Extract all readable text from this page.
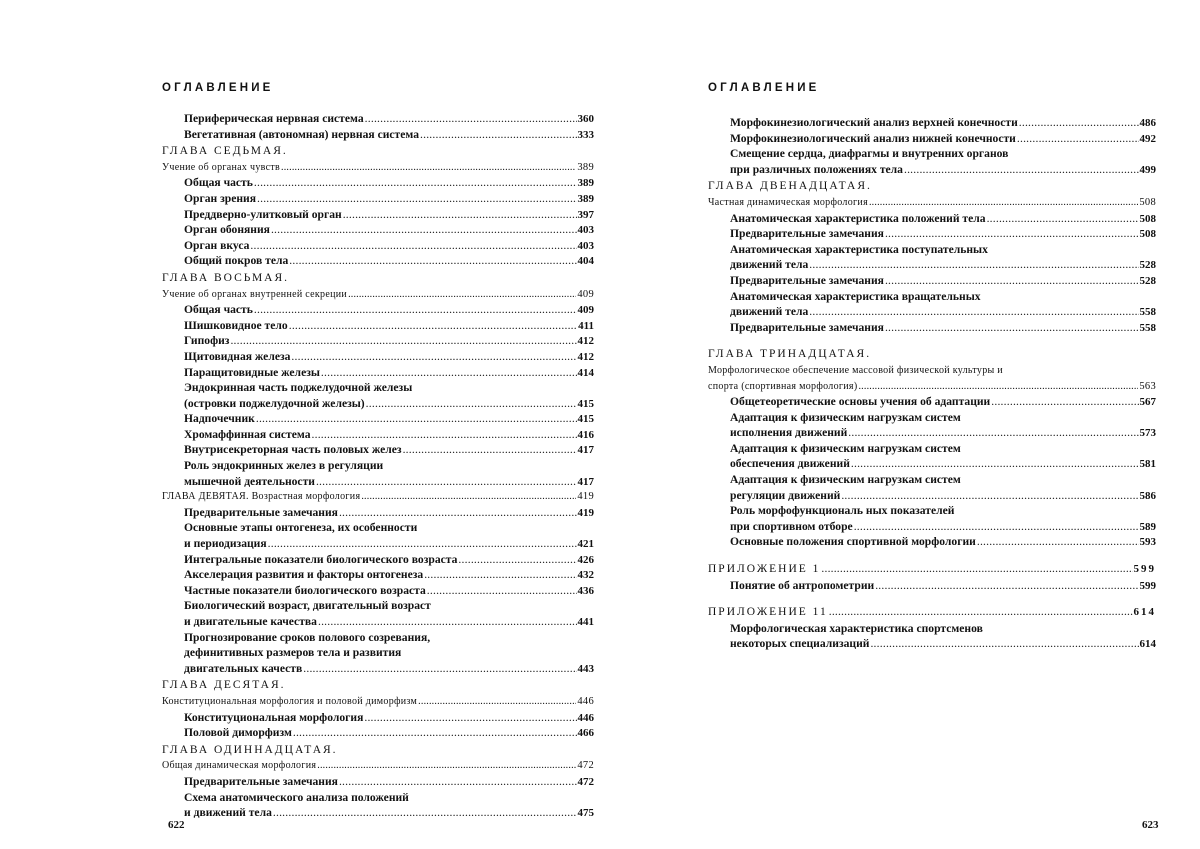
ОГЛАВЛЕНИЕ
Периферическая нервная система .....	360
Вегетативная (автономная) нервная система .....	333
ГЛАВА СЕДЬМАЯ.
Учение об органах чувств .....	389
Общая часть .....	389
Орган зрения .....	389
Преддверно-улитковый орган .....	397
Орган обоняния .....	403
Орган вкуса .....	403
Общий покров тела .....	404
ГЛАВА ВОСЬМАЯ.
Учение об органах внутренней секреции .....	409
Общая часть .....	409
Шишковидное тело .....	411
Гипофиз .....	412
Щитовидная железа .....	412
Паращитовидные железы .....	414
Эндокринная часть поджелудочной железы
(островки поджелудочной железы) .....	415
Надпочечник .....	415
Хромаффинная система .....	416
Внутрисекреторная часть половых желез .....	417
Роль эндокринных желез в регуляции
мышечной деятельности .....	417
ГЛАВА ДЕВЯТАЯ. Возрастная морфология .....	419
Предварительные замечания .....	419
Основные этапы онтогенеза, их особенности
и периодизация .....	421
Интегральные показатели биологического возраста .....	426
Акселерация развития и факторы онтогенеза .....	432
Частные показатели биологического возраста .....	436
Биологический возраст, двигательный возраст
и двигательные качества .....	441
Прогнозирование сроков полового созревания,
дефинитивных размеров тела и развития
двигательных качеств .....	443
ГЛАВА ДЕСЯТАЯ.
Конституциональная морфология и половой диморфизм .....	446
Конституциональная морфология .....	446
Половой диморфизм .....	466
ГЛАВА ОДИННАДЦАТАЯ.
Общая динамическая морфология .....	472
Предварительные замечания .....	472
Схема анатомического анализа положений
и движений тела .....	475
622
ОГЛАВЛЕНИЕ
Морфокинезиологический анализ верхней конечности .....	486
Морфокинезиологический анализ нижней конечности .....	492
Смещение сердца, диафрагмы и внутренних органов
при различных положениях тела .....	499
ГЛАВА ДВЕНАДЦАТАЯ.
Частная динамическая морфология .....	508
Анатомическая характеристика положений тела .....	508
Предварительные замечания .....	508
Анатомическая характеристика поступательных
движений тела .....	528
Предварительные замечания .....	528
Анатомическая характеристика вращательных
движений тела .....	558
Предварительные замечания .....	558
ГЛАВА ТРИНАДЦАТАЯ.
Морфологическое обеспечение массовой физической культуры и
спорта (спортивная морфология) .....	563
Общетеоретические основы учения об адаптации .....	567
Адаптация к физическим нагрузкам систем
исполнения движений .....	573
Адаптация к физическим нагрузкам систем
обеспечения движений .....	581
Адаптация к физическим нагрузкам систем
регуляции движений .....	586
Роль морфофункциональ ных показателей
при спортивном отборе .....	589
Основные положения спортивной морфологии .....	593
ПРИЛОЖЕНИЕ 1 .....	599
Понятие об антропометрии .....	599
ПРИЛОЖЕНИЕ 11 .....	614
Морфологическая характеристика спортсменов
некоторых специализаций .....	614
623
